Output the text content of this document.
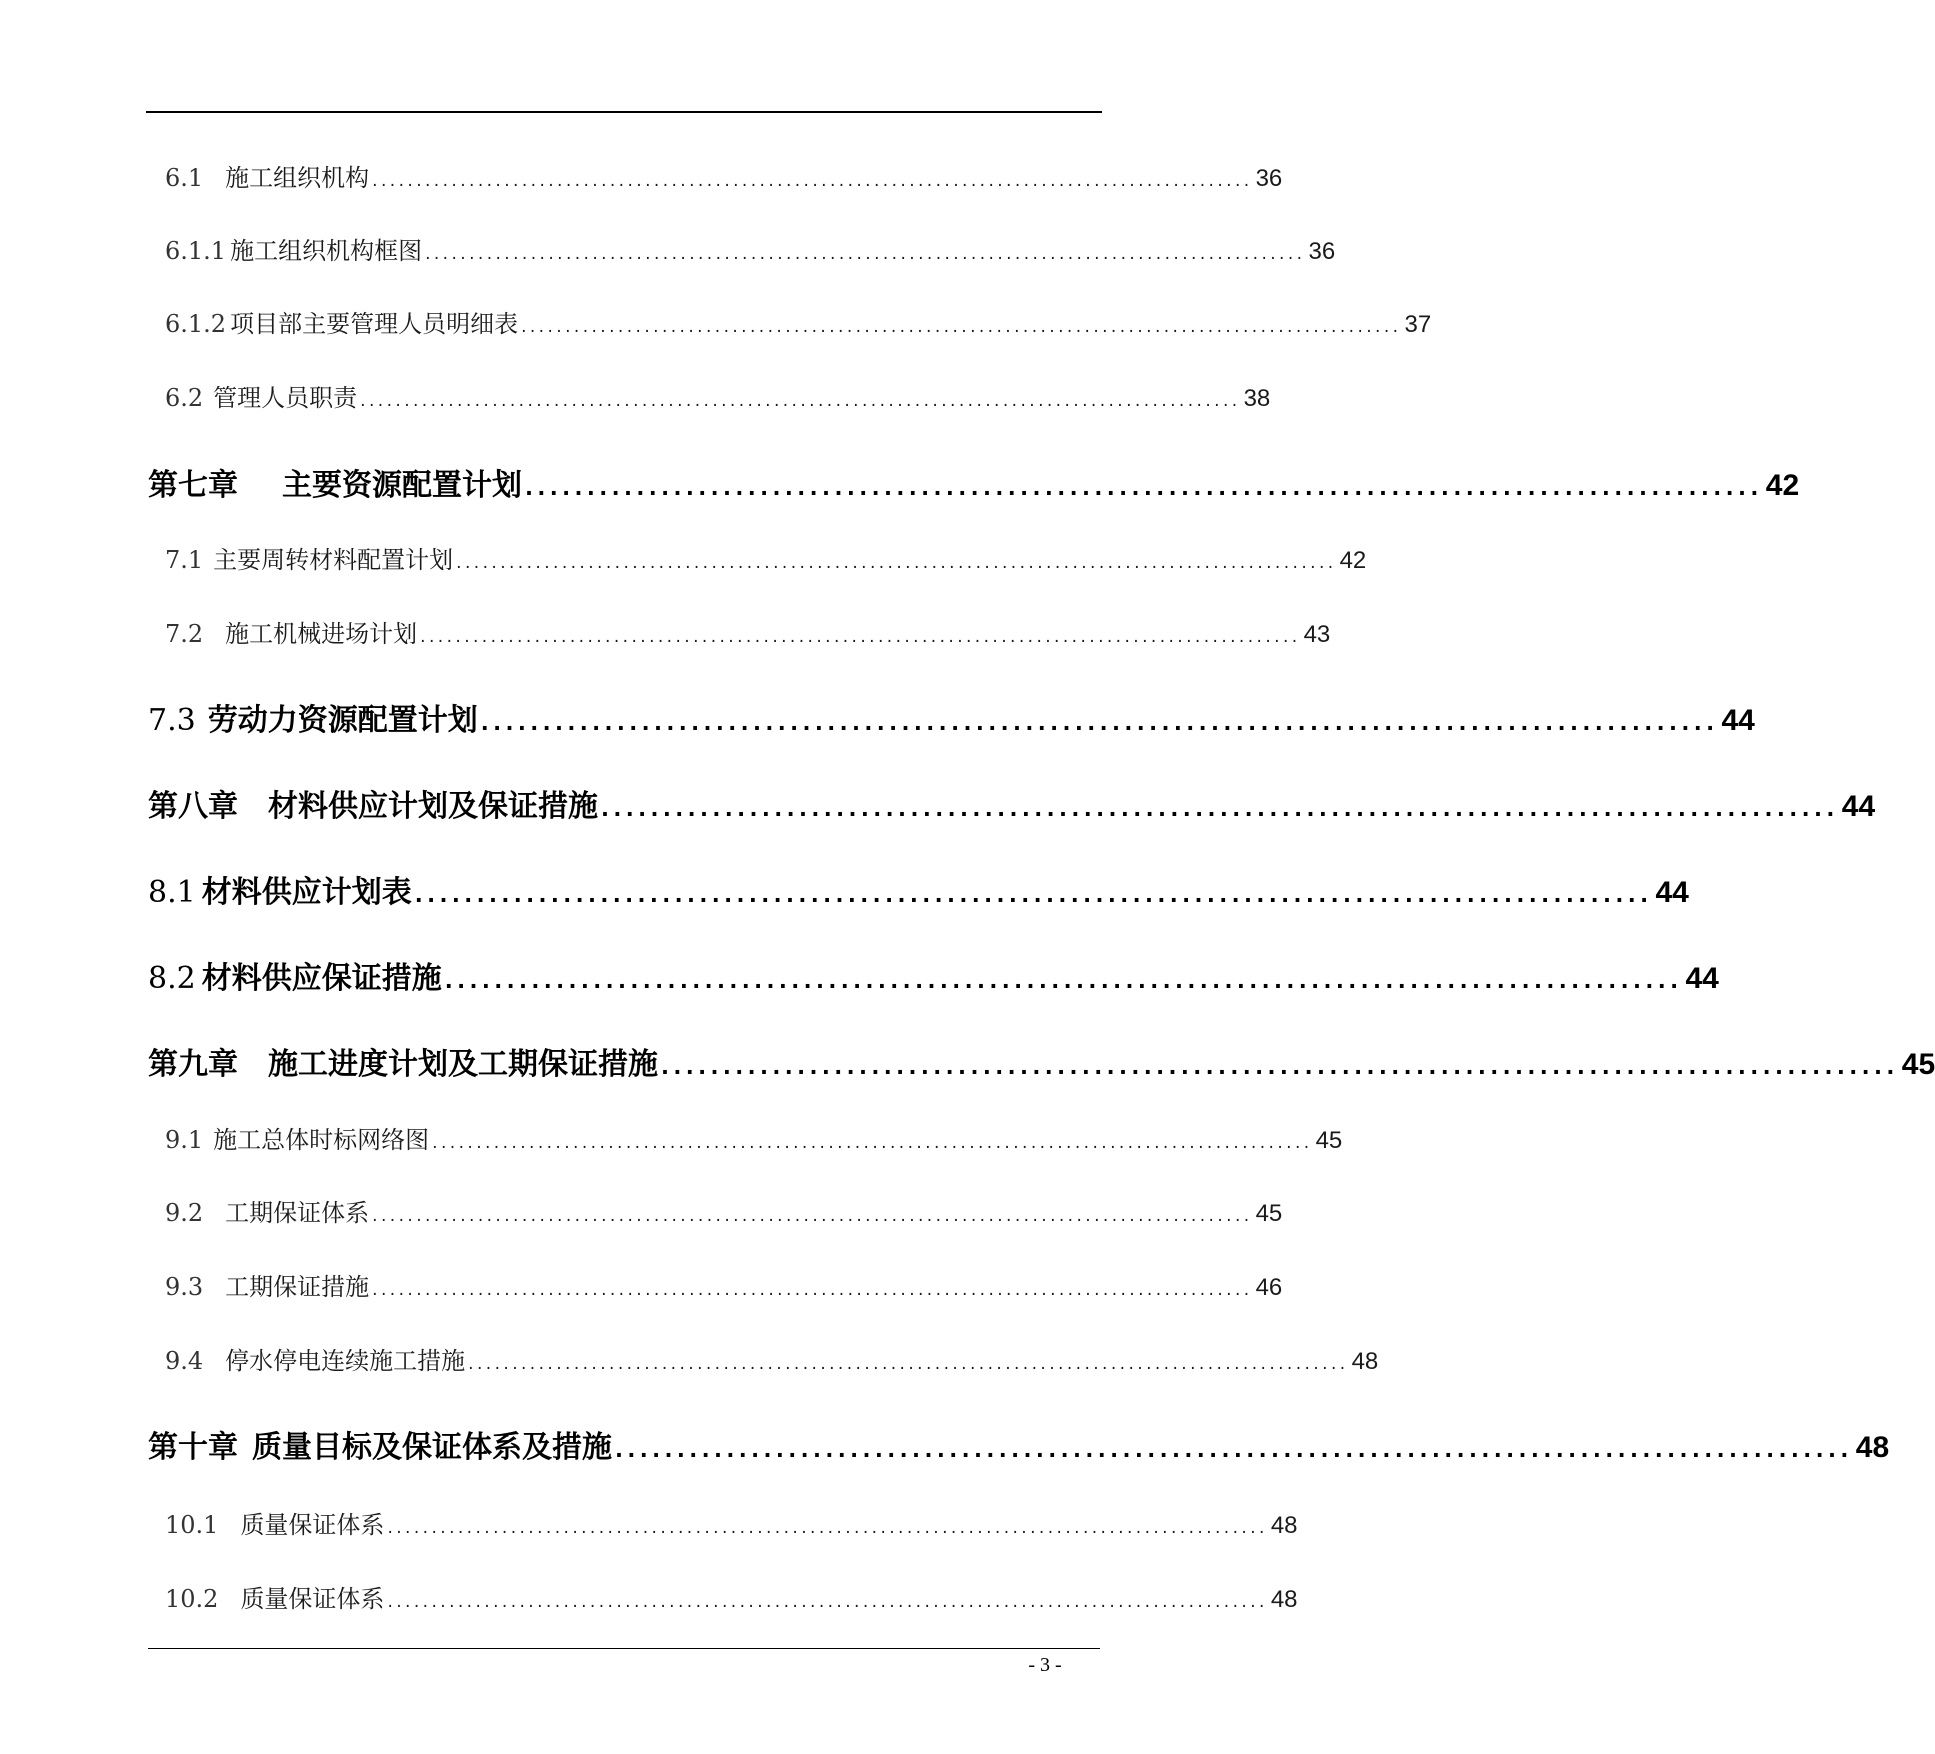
6.1 施工组织机构 .................................................................................................... 36
6.1.1 施工组织机构框图 .................................................................................................... 36
6.1.2 项目部主要管理人员明细表 .................................................................................................... 37
6.2 管理人员职责 .................................................................................................... 38
第七章 主要资源配置计划 .................................................................................................... 42
7.1 主要周转材料配置计划 .................................................................................................... 42
7.2 施工机械进场计划 .................................................................................................... 43
7.3 劳动力资源配置计划 .................................................................................................... 44
第八章 材料供应计划及保证措施 .................................................................................................... 44
8.1 材料供应计划表 .................................................................................................... 44
8.2 材料供应保证措施 .................................................................................................... 44
第九章 施工进度计划及工期保证措施 .................................................................................................... 45
9.1 施工总体时标网络图 .................................................................................................... 45
9.2 工期保证体系 .................................................................................................... 45
9.3 工期保证措施 .................................................................................................... 46
9.4 停水停电连续施工措施 .................................................................................................... 48
第十章 质量目标及保证体系及措施 .................................................................................................... 48
10.1 质量保证体系 .................................................................................................... 48
10.2 质量保证体系 .................................................................................................... 48
- 3 -
